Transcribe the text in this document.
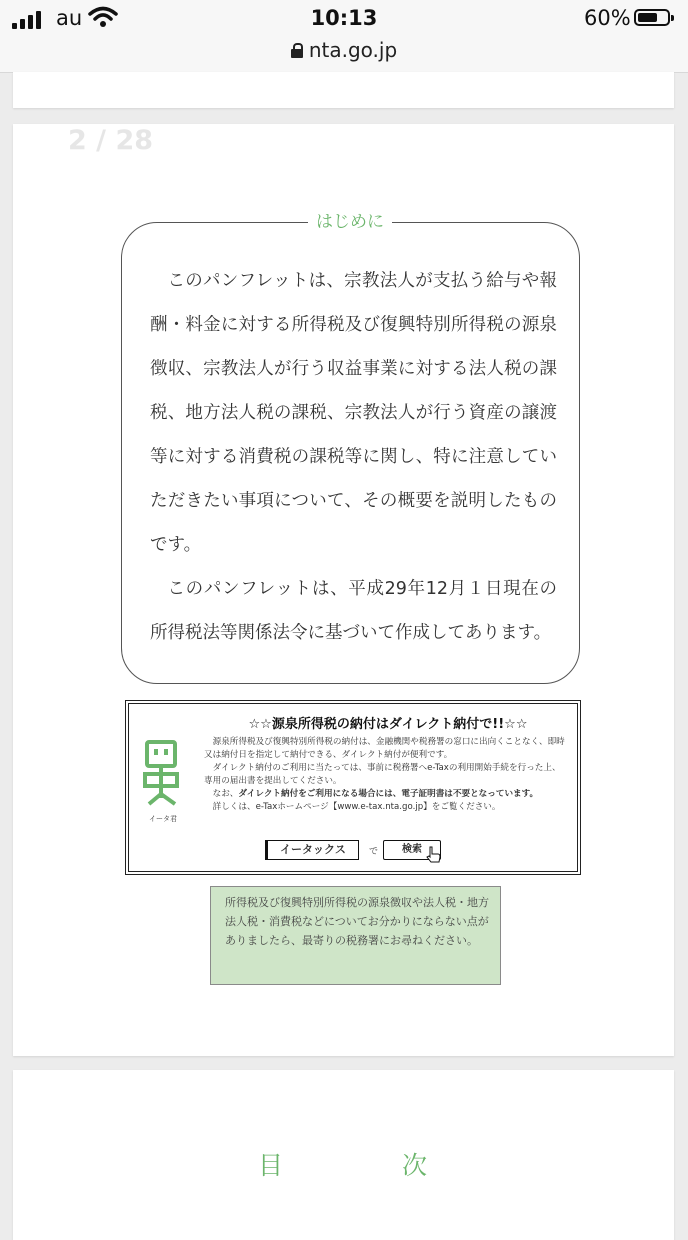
au	10:13	60%
nta.go.jp
2 / 28
はじめに
このパンフレットは、宗教法人が支払う給与や報酬・料金に対する所得税及び復興特別所得税の源泉徴収、宗教法人が行う収益事業に対する法人税の課税、地方法人税の課税、宗教法人が行う資産の譲渡等に対する消費税の課税等に関し、特に注意していただきたい事項について、その概要を説明したものです。
このパンフレットは、平成29年12月１日現在の所得税法等関係法令に基づいて作成してあります。
イータ君
☆☆源泉所得税の納付はダイレクト納付で!!☆☆

源泉所得税及び復興特別所得税の納付は、金融機関や税務署の窓口に出向くことなく、即時又は納付日を指定して納付できる、ダイレクト納付が便利です。

ダイレクト納付のご利用に当たっては、事前に税務署へe-Taxの利用開始手続を行った上、専用の届出書を提出してください。

なお、ダイレクト納付をご利用になる場合には、電子証明書は不要となっています。

詳しくは、e-Taxホームページ【www.e-tax.nta.go.jp】をご覧ください。

イータックス	で	検索
所得税及び復興特別所得税の源泉徴収や法人税・地方法人税・消費税などについてお分かりにならない点がありましたら、最寄りの税務署にお尋ねください。
目	次
